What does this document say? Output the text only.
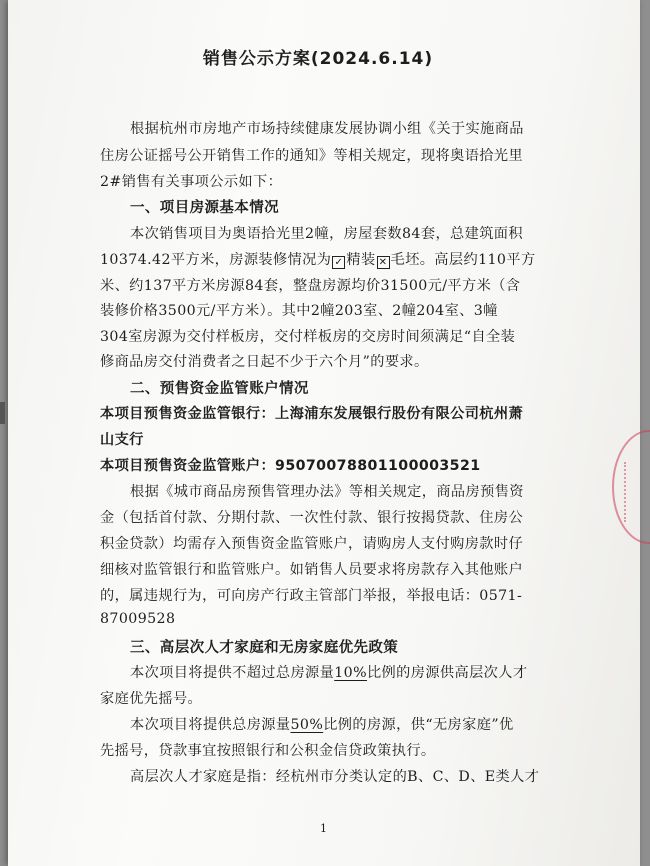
销售公示方案(2024.6.14)
根据杭州市房地产市场持续健康发展协调小组《关于实施商品
住房公证摇号公开销售工作的通知》等相关规定，现将奥语拾光里
2#销售有关事项公示如下：
一、项目房源基本情况
本次销售项目为奥语拾光里2幢，房屋套数84套，总建筑面积
10374.42平方米，房源装修情况为 ✓ 精装 ✕ 毛坯。高层约110平方
米、约137平方米房源84套，整盘房源均价31500元/平方米（含
装修价格3500元/平方米）。其中2幢203室、2幢204室、3幢
304室房源为交付样板房，交付样板房的交房时间须满足“自全装
修商品房交付消费者之日起不少于六个月”的要求。
二、预售资金监管账户情况
本项目预售资金监管银行：上海浦东发展银行股份有限公司杭州萧
山支行
本项目预售资金监管账户：95070078801100003521
根据《城市商品房预售管理办法》等相关规定，商品房预售资
金（包括首付款、分期付款、一次性付款、银行按揭贷款、住房公
积金贷款）均需存入预售资金监管账户，请购房人支付购房款时仔
细核对监管银行和监管账户。如销售人员要求将房款存入其他账户
的，属违规行为，可向房产行政主管部门举报，举报电话：0571-
87009528
三、高层次人才家庭和无房家庭优先政策
本次项目将提供不超过总房源量10%比例的房源供高层次人才
家庭优先摇号。
本次项目将提供总房源量50%比例的房源，供“无房家庭”优
先摇号，贷款事宜按照银行和公积金信贷政策执行。
高层次人才家庭是指：经杭州市分类认定的B、C、D、E类人才
1
